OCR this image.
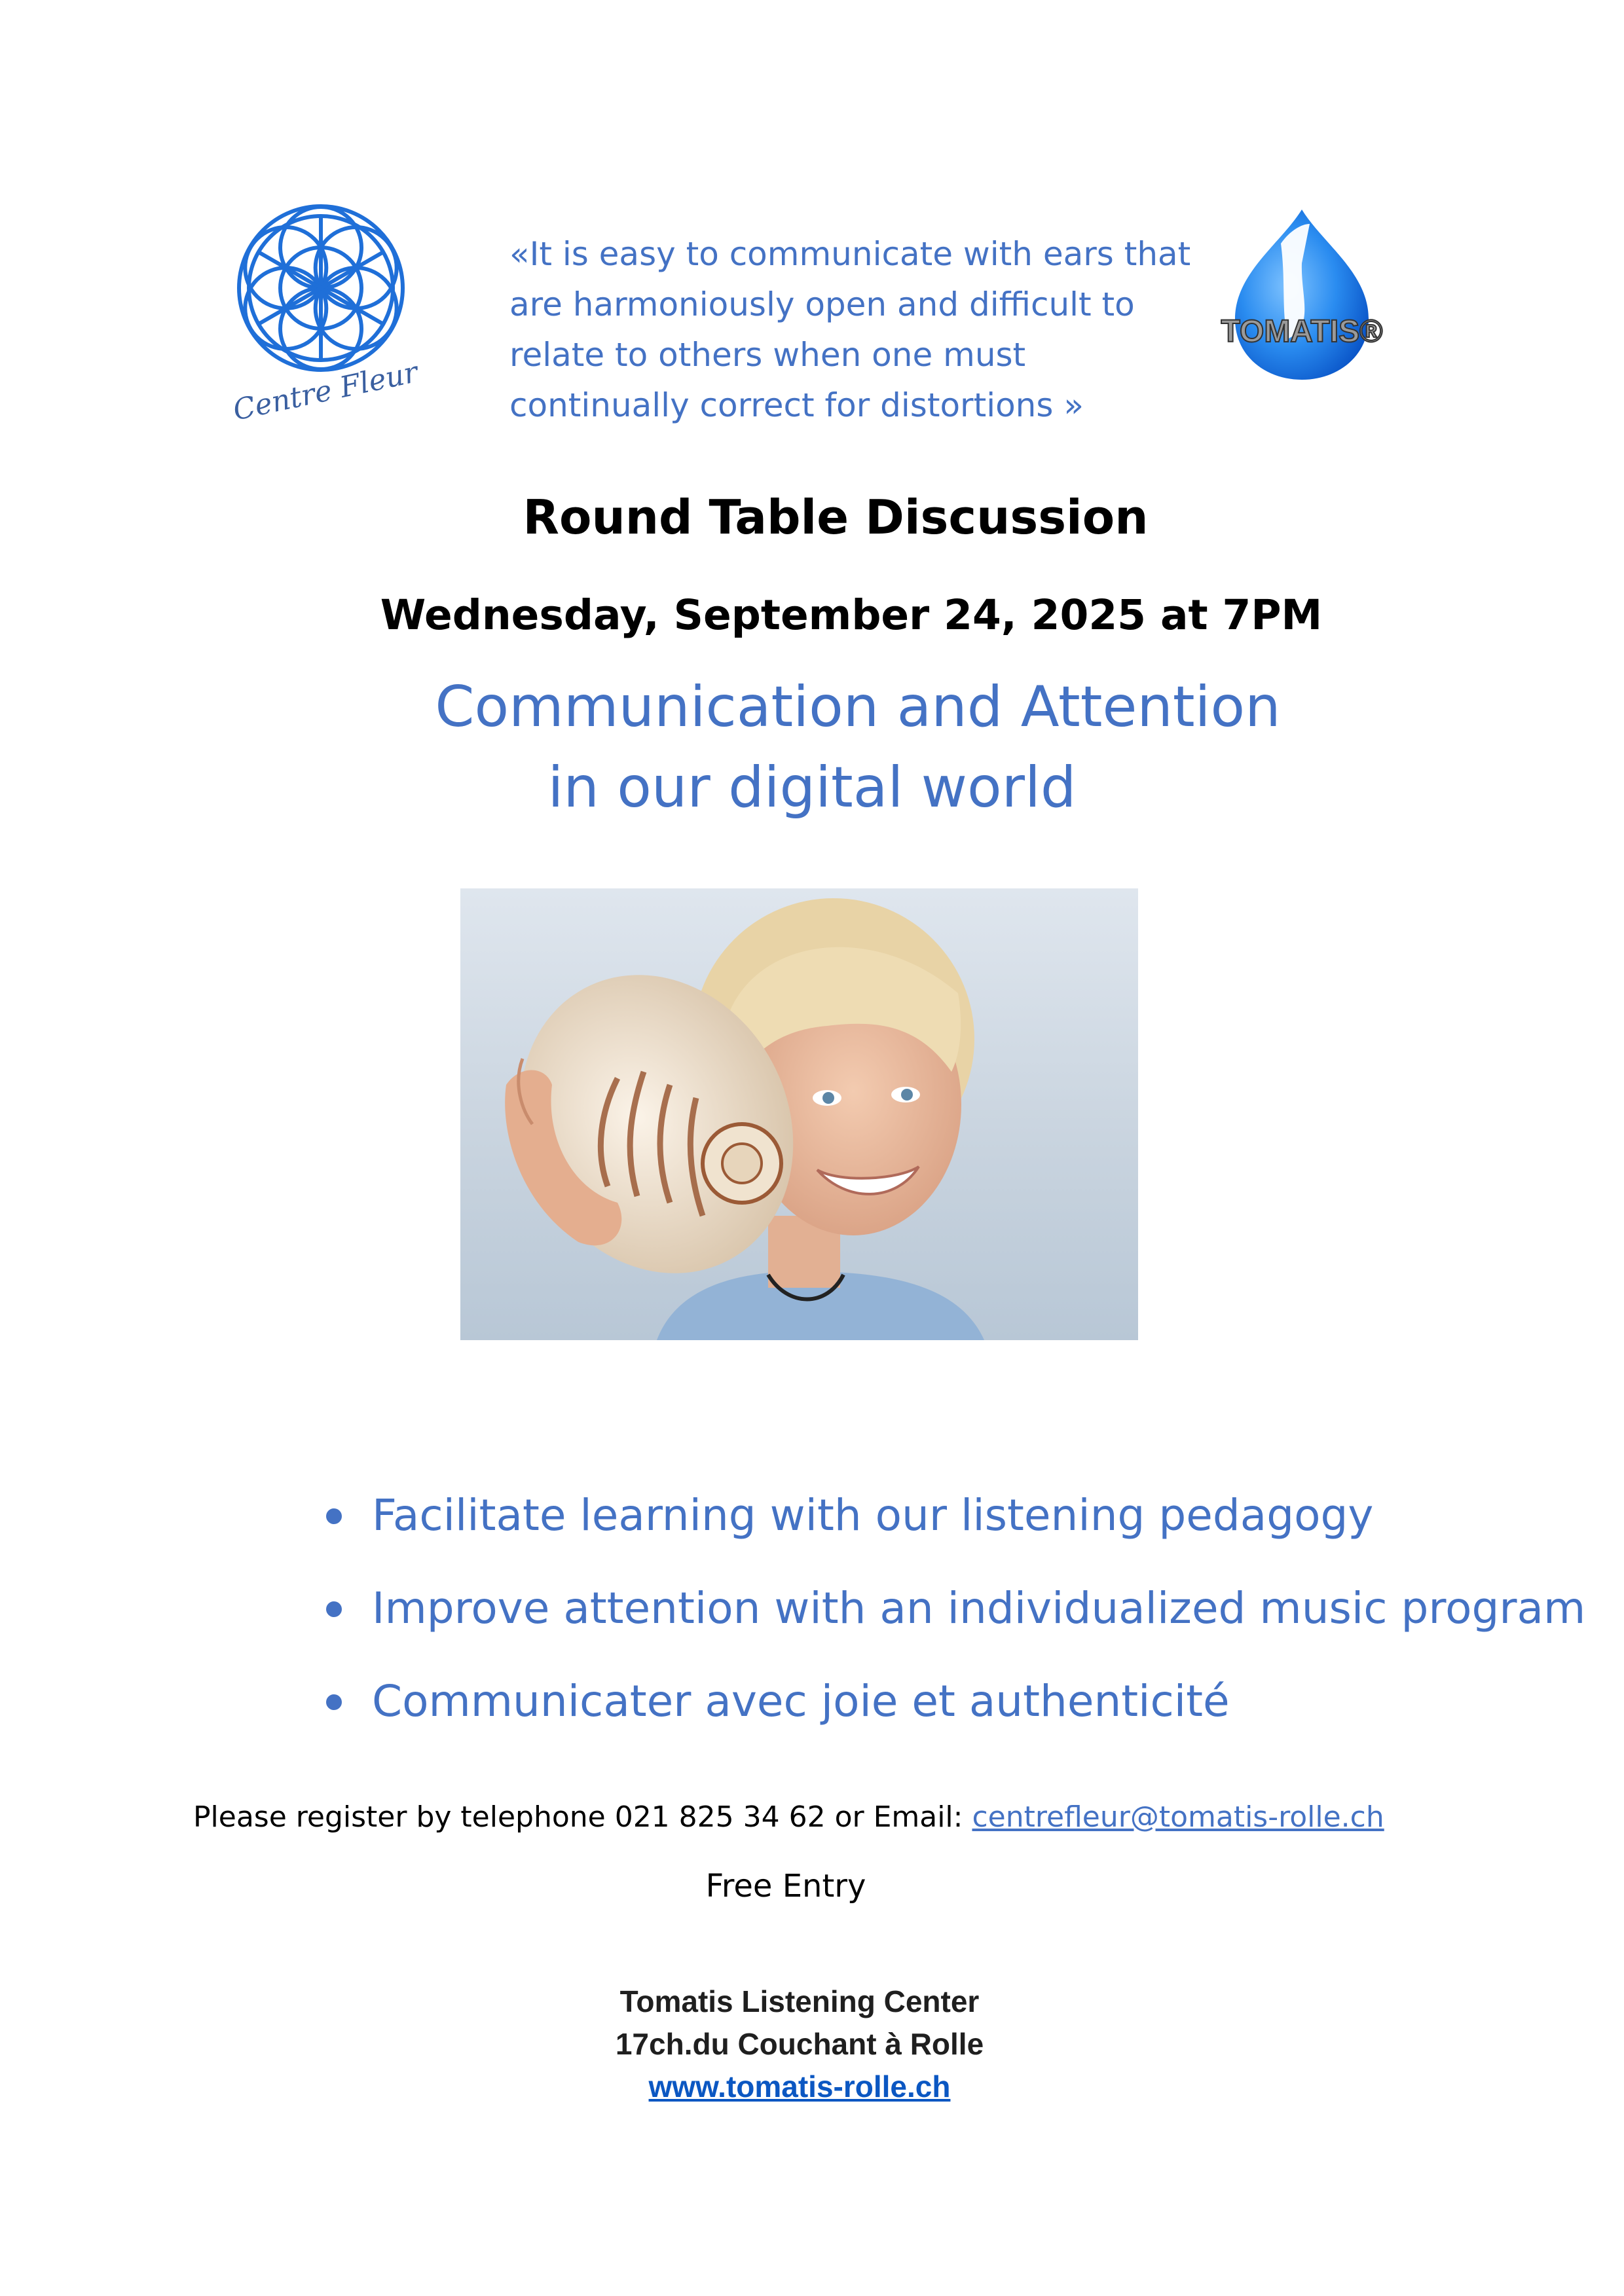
Centre Fleur
«It is easy to communicate with ears that
are harmoniously open and difficult to
relate to others when one must
continually correct for distortions »
TOMATIS®
Round Table Discussion
Wednesday, September 24, 2025 at 7PM
Communication and Attention
in our digital world
Facilitate learning with our listening pedagogy
Improve attention with an individualized music program
Communicater avec joie et authenticité
Please register by telephone 021 825 34 62 or Email: centrefleur@tomatis-rolle.ch
Free Entry
Tomatis Listening Center
17ch.du Couchant à Rolle
www.tomatis-rolle.ch
